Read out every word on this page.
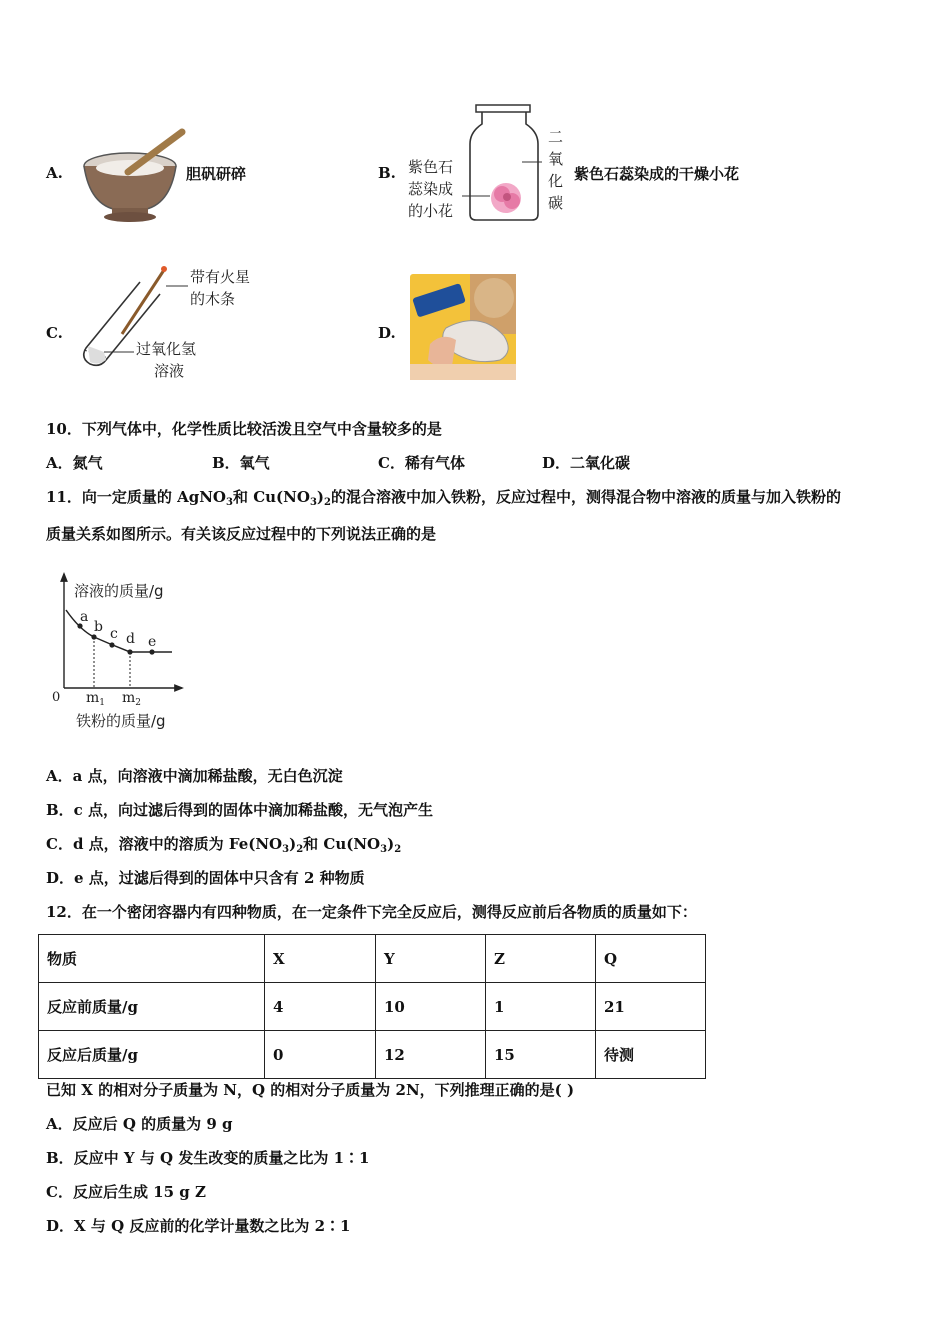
A.	胆矾研碎	B. 紫色石
蕊染成
的小花
二
氧
化
碳
紫色石蕊染成的干燥小花
C.
带有火星
的木条
过氧化氢
溶液
D.
10．下列气体中，化学性质比较活泼且空气中含量较多的是
A．氮气	B．氧气	C．稀有气体	D．二氧化碳
11．向一定质量的 AgNO$_3$和 $Cu(NO_3)_2$的混合溶液中加入铁粉，反应过程中，测得混合物中溶液的质量与加入铁粉的
质量关系如图所示。有关该反应过程中的下列说法正确的是
溶液的质量/g
a
b c d e
0 $m_1$ $m_2$
铁粉的质量/g
A．a 点，向溶液中滴加稀盐酸，无白色沉淀
B．c 点，向过滤后得到的固体中滴加稀盐酸，无气泡产生
C．d 点，溶液中的溶质为 $Fe(NO_3)_2$和 $Cu(NO_3)_2$
D．e 点，过滤后得到的固体中只含有 2 种物质
12．在一个密闭容器内有四种物质，在一定条件下完全反应后，测得反应前后各物质的质量如下：
物质	X	Y	Z	Q
反应前质量/g	4	10	1	21
反应后质量/g	0	12	15	待测
已知 X 的相对分子质量为 N，Q 的相对分子质量为 2N，下列推理正确的是( )
A．反应后 Q 的质量为 9 g
B．反应中 Y 与 Q 发生改变的质量之比为 1∶1
C．反应后生成 15 g Z
D．X 与 Q 反应前的化学计量数之比为 2∶1
